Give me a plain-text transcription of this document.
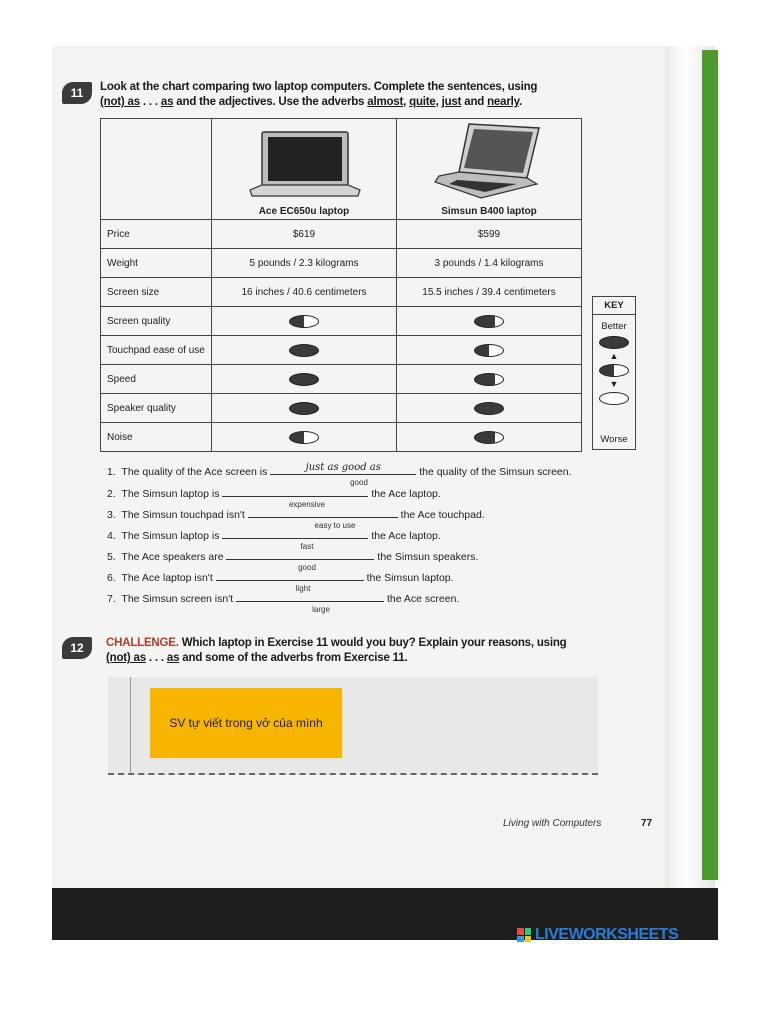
11 Look at the chart comparing two laptop computers. Complete the sentences, using
(not) as . . . as and the adjectives. Use the adverbs almost, quite, just and nearly.

	Ace EC650u laptop	Simsun B400 laptop

Price	$619	$599
Weight	5 pounds / 2.3 kilograms	3 pounds / 1.4 kilograms
Screen size	16 inches / 40.6 centimeters	15.5 inches / 39.4 centimeters
Screen quality		
Touchpad ease of use		
Speed		
Speaker quality		
Noise		
KEY
Better
▲
▼
Worse
1. The quality of the Ace screen is	just as good as	the quality of the Simsun screen.
good
2. The Simsun laptop is	the Ace laptop.
expensive
3. The Simsun touchpad isn't	the Ace touchpad.
easy to use
4. The Simsun laptop is	the Ace laptop.
fast
5. The Ace speakers are	the Simsun speakers.
good
6. The Ace laptop isn't	the Simsun laptop.
light
7. The Simsun screen isn't	the Ace screen.
large
12 CHALLENGE. Which laptop in Exercise 11 would you buy? Explain your reasons, using
(not) as . . . as and some of the adverbs from Exercise 11.
SV tự viết trong vở của mình
Living with Computers	77
LIVEWORKSHEETS
